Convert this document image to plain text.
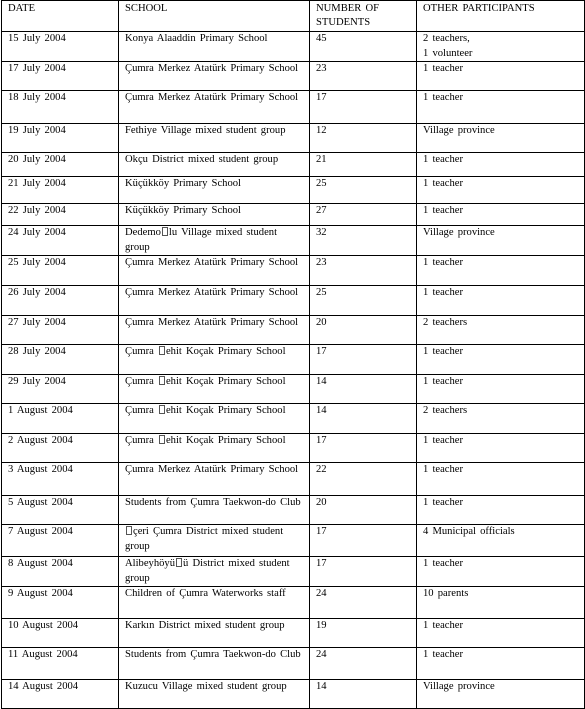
DATE	SCHOOL	NUMBER OF STUDENTS	OTHER PARTICIPANTS
15 July 2004	Konya Alaaddin Primary School	45	2 teachers,
1 volunteer
17 July 2004	Çumra Merkez Atatürk Primary School	23	1 teacher
18 July 2004	Çumra Merkez Atatürk Primary School	17	1 teacher
19 July 2004	Fethiye Village mixed student group	12	Village province
20 July 2004	Okçu District mixed student group	21	1 teacher
21 July 2004	Küçükköy Primary School	25	1 teacher
22 July 2004	Küçükköy Primary School	27	1 teacher
24 July 2004	Dedemo lu Village mixed student group	32	Village province
25 July 2004	Çumra Merkez Atatürk Primary School	23	1 teacher
26 July 2004	Çumra Merkez Atatürk Primary School	25	1 teacher
27 July 2004	Çumra Merkez Atatürk Primary School	20	2 teachers
28 July 2004	Çumra ehit Koçak Primary School	17	1 teacher
29 July 2004	Çumra ehit Koçak Primary School	14	1 teacher
1 August 2004	Çumra ehit Koçak Primary School	14	2 teachers
2 August 2004	Çumra ehit Koçak Primary School	17	1 teacher
3 August 2004	Çumra Merkez Atatürk Primary School	22	1 teacher
5 August 2004	Students from Çumra Taekwon-do Club	20	1 teacher
7 August 2004	çeri Çumra District mixed student group	17	4 Municipal officials
8 August 2004	Alibeyhöyü ü District mixed student group	17	1 teacher
9 August 2004	Children of Çumra Waterworks staff	24	10 parents
10 August 2004	Karkın District mixed student group	19	1 teacher
11 August 2004	Students from Çumra Taekwon-do Club	24	1 teacher
14 August 2004	Kuzucu Village mixed student group	14	Village province
